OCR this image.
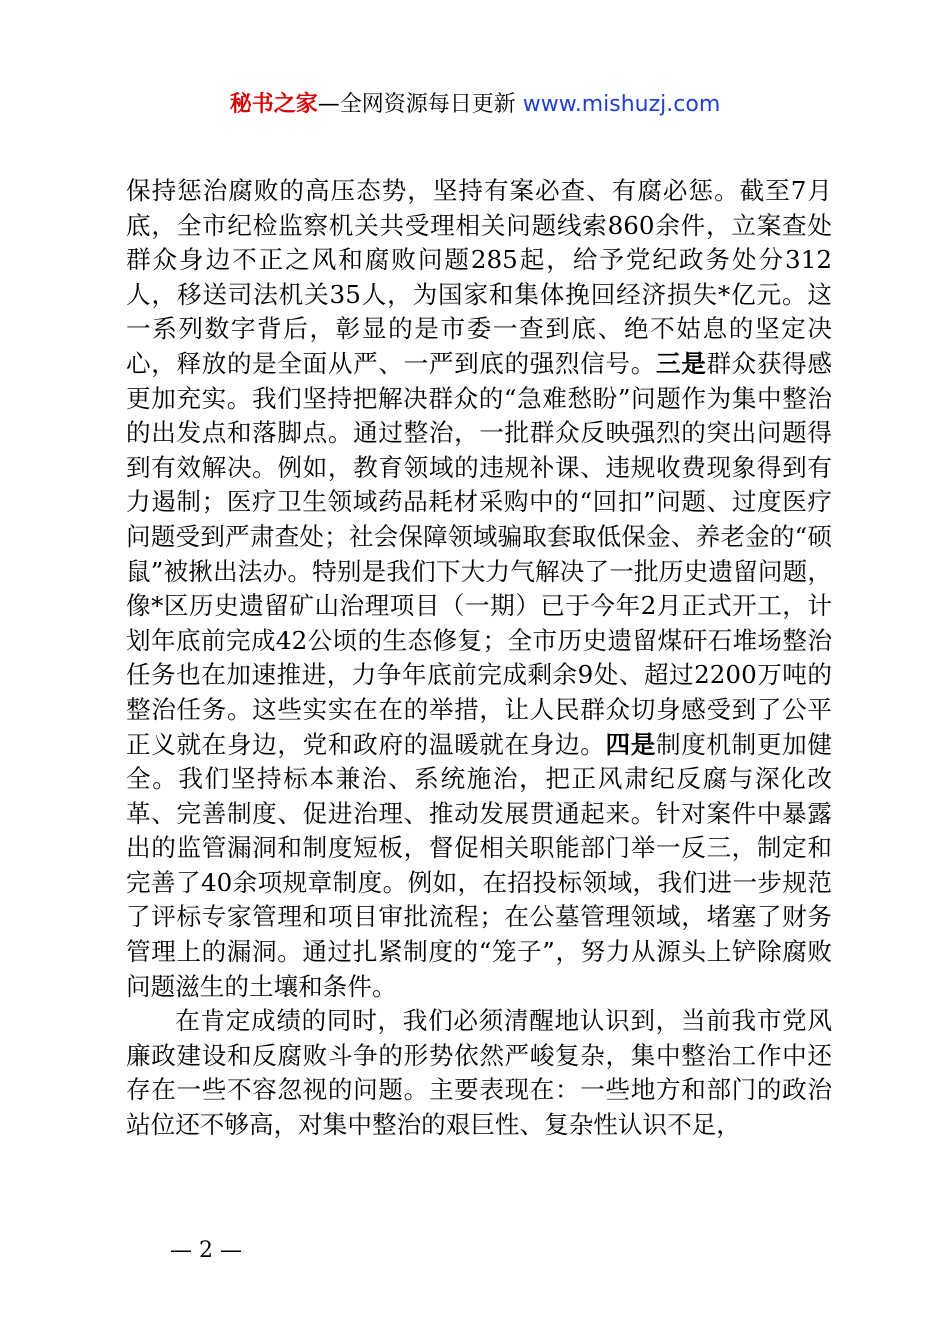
秘书之家—全网资源每日更新 www.mishuzj.com

保持惩治腐败的高压态势，坚持有案必查、有腐必惩。截至7月底，全市纪检监察机关共受理相关问题线索860余件，立案查处群众身边不正之风和腐败问题285起，给予党纪政务处分312人，移送司法机关35人，为国家和集体挽回经济损失*亿元。这一系列数字背后，彰显的是市委一查到底、绝不姑息的坚定决心，释放的是全面从严、一严到底的强烈信号。三是群众获得感更加充实。我们坚持把解决群众的“急难愁盼”问题作为集中整治的出发点和落脚点。通过整治，一批群众反映强烈的突出问题得到有效解决。例如，教育领域的违规补课、违规收费现象得到有力遏制；医疗卫生领域药品耗材采购中的“回扣”问题、过度医疗问题受到严肃查处；社会保障领域骗取套取低保金、养老金的“硕鼠”被揪出法办。特别是我们下大力气解决了一批历史遗留问题，像*区历史遗留矿山治理项目（一期）已于今年2月正式开工，计划年底前完成42公顷的生态修复；全市历史遗留煤矸石堆场整治任务也在加速推进，力争年底前完成剩余9处、超过2200万吨的整治任务。这些实实在在的举措，让人民群众切身感受到了公平正义就在身边，党和政府的温暖就在身边。四是制度机制更加健全。我们坚持标本兼治、系统施治，把正风肃纪反腐与深化改革、完善制度、促进治理、推动发展贯通起来。针对案件中暴露出的监管漏洞和制度短板，督促相关职能部门举一反三，制定和完善了40余项规章制度。例如，在招投标领域，我们进一步规范了评标专家管理和项目审批流程；在公墓管理领域，堵塞了财务管理上的漏洞。通过扎紧制度的“笼子”，努力从源头上铲除腐败问题滋生的土壤和条件。

在肯定成绩的同时，我们必须清醒地认识到，当前我市党风廉政建设和反腐败斗争的形势依然严峻复杂，集中整治工作中还存在一些不容忽视的问题。主要表现在：一些地方和部门的政治站位还不够高，对集中整治的艰巨性、复杂性认识不足，

— 2 —
